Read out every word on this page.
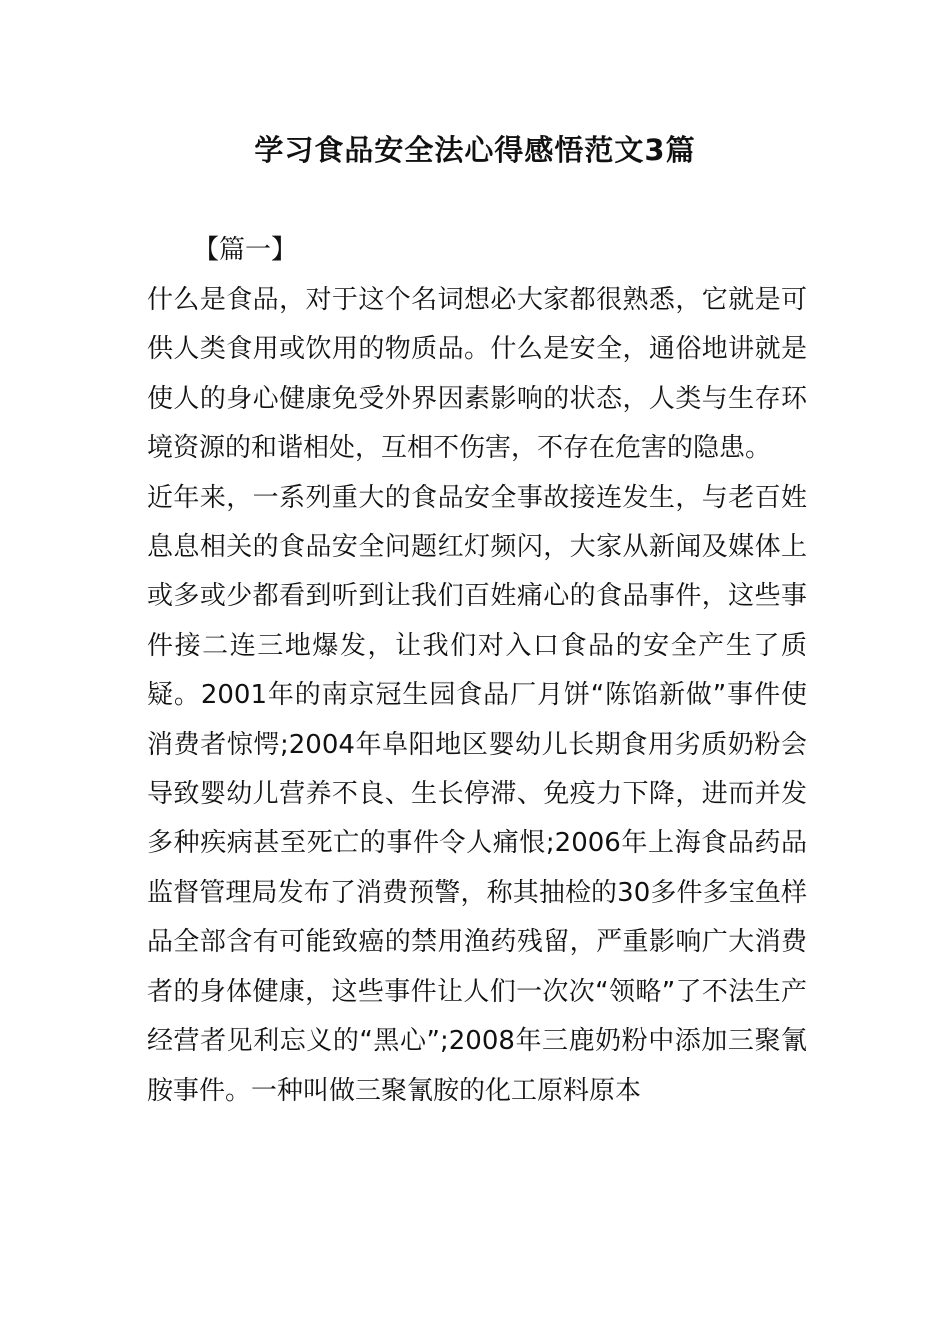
学习食品安全法心得感悟范文3篇
【篇一】

什么是食品，对于这个名词想必大家都很熟悉，它就是可供人类食用或饮用的物质品。什么是安全，通俗地讲就是使人的身心健康免受外界因素影响的状态，人类与生存环境资源的和谐相处，互相不伤害，不存在危害的隐患。

近年来，一系列重大的食品安全事故接连发生，与老百姓息息相关的食品安全问题红灯频闪，大家从新闻及媒体上或多或少都看到听到让我们百姓痛心的食品事件，这些事件接二连三地爆发，让我们对入口食品的安全产生了质疑。2001年的南京冠生园食品厂月饼“陈馅新做”事件使消费者惊愕;2004年阜阳地区婴幼儿长期食用劣质奶粉会导致婴幼儿营养不良、生长停滞、免疫力下降，进而并发多种疾病甚至死亡的事件令人痛恨;2006年上海食品药品监督管理局发布了消费预警，称其抽检的30多件多宝鱼样品全部含有可能致癌的禁用渔药残留，严重影响广大消费者的身体健康，这些事件让人们一次次“领略”了不法生产经营者见利忘义的“黑心”;2008年三鹿奶粉中添加三聚氰胺事件。一种叫做三聚氰胺的化工原料原本
